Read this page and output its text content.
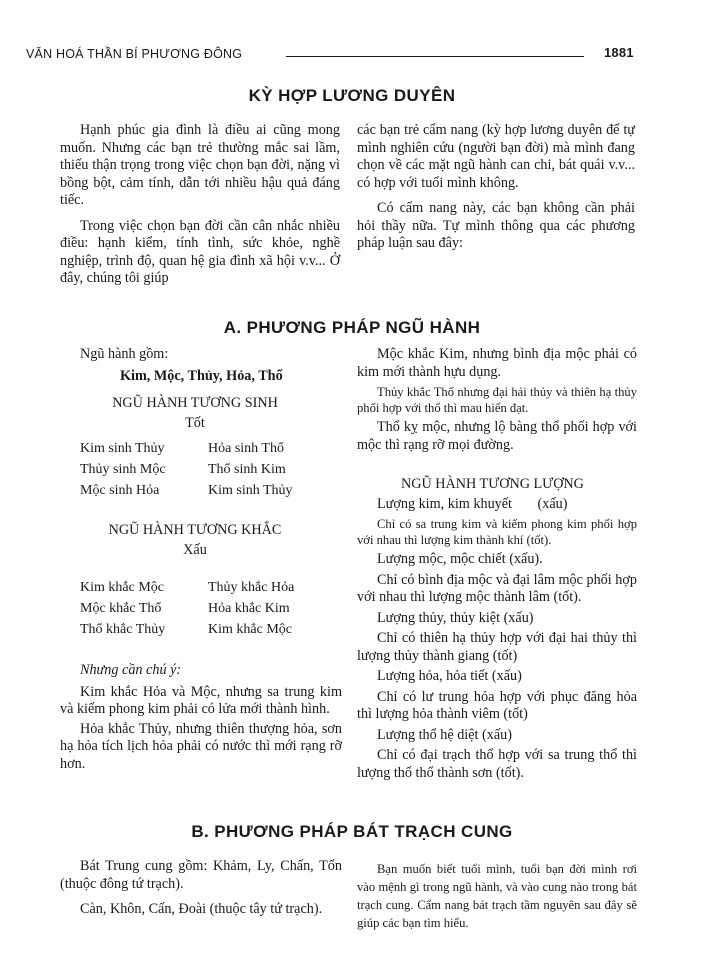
VĂN HOÁ THẦN BÍ PHƯƠNG ĐÔNG	1881
KỲ HỢP LƯƠNG DUYÊN

Hạnh phúc gia đình là điều ai cũng mong muốn. Nhưng các bạn trẻ thường mắc sai lầm, thiếu thận trọng trong việc chọn bạn đời, nặng vì bồng bột, cảm tính, dẫn tới nhiều hậu quả đáng tiếc.

Trong việc chọn bạn đời cần cân nhắc nhiều điều: hạnh kiểm, tính tình, sức khỏe, nghề nghiệp, trình độ, quan hệ gia đình xã hội v.v... Ở đây, chúng tôi giúp

các bạn trẻ cẩm nang (kỳ hợp lương duyên để tự mình nghiên cứu (người bạn đời) mà mình đang chọn về các mặt ngũ hành can chi, bát quái v.v... có hợp với tuổi mình không.

Có cẩm nang này, các bạn không cần phải hỏi thầy nữa. Tự mình thông qua các phương pháp luận sau đây:

A. PHƯƠNG PHÁP NGŨ HÀNH
Ngũ hành gồm:
Kim, Mộc, Thủy, Hỏa, Thổ
NGŨ HÀNH TƯƠNG SINH
Tốt
Kim sinh Thủy	Hỏa sinh Thổ
Thủy sinh Mộc	Thổ sinh Kim
Mộc sinh Hỏa	Kim sinh Thủy
NGŨ HÀNH TƯƠNG KHẮC
Xấu
Kim khắc Mộc	Thủy khắc Hỏa
Mộc khắc Thổ	Hỏa khắc Kim
Thổ khắc Thủy	Kim khắc Mộc
Nhưng cần chú ý:

Kim khắc Hỏa và Mộc, nhưng sa trung kim và kiếm phong kim phải có lửa mới thành hình.

Hỏa khắc Thủy, nhưng thiên thượng hỏa, sơn hạ hỏa tích lịch hỏa phải có nước thì mới rạng rỡ hơn.

Mộc khắc Kim, nhưng bình địa mộc phải có kim mới thành hựu dụng.

Thủy khắc Thổ nhưng đại hải thủy và thiên hạ thủy phối hợp với thổ thì mau hiển đạt.

Thổ kỵ mộc, nhưng lộ bàng thổ phối hợp với mộc thì rạng rỡ mọi đường.

NGŨ HÀNH TƯƠNG LƯỢNG
Lượng kim, kim khuyết (xấu)

Chỉ có sa trung kim và kiếm phong kim phối hợp với nhau thì lượng kim thành khí (tốt).

Lượng mộc, mộc chiết (xấu).

Chỉ có bình địa mộc và đại lâm mộc phối hợp với nhau thì lượng mộc thành lâm (tốt).

Lượng thủy, thủy kiệt (xấu)

Chỉ có thiên hạ thủy hợp với đại hai thủy thì lượng thủy thành giang (tốt)

Lượng hỏa, hỏa tiết (xấu)

Chỉ có lư trung hỏa hợp với phục đăng hỏa thì lượng hỏa thành viêm (tốt)

Lượng thổ hệ diệt (xấu)

Chỉ có đại trạch thổ hợp với sa trung thổ thì lượng thổ thổ thành sơn (tốt).

B. PHƯƠNG PHÁP BÁT TRẠCH CUNG

Bát Trung cung gồm: Khảm, Ly, Chấn, Tốn (thuộc đông tứ trạch).

Càn, Khôn, Cấn, Đoài (thuộc tây tứ trạch).

Bạn muốn biết tuổi mình, tuổi bạn đời mình rơi vào mệnh gì trong ngũ hành, và vào cung nào trong bát trạch cung. Cẩm nang bát trạch tầm nguyên sau đây sẽ giúp các bạn tìm hiểu.
